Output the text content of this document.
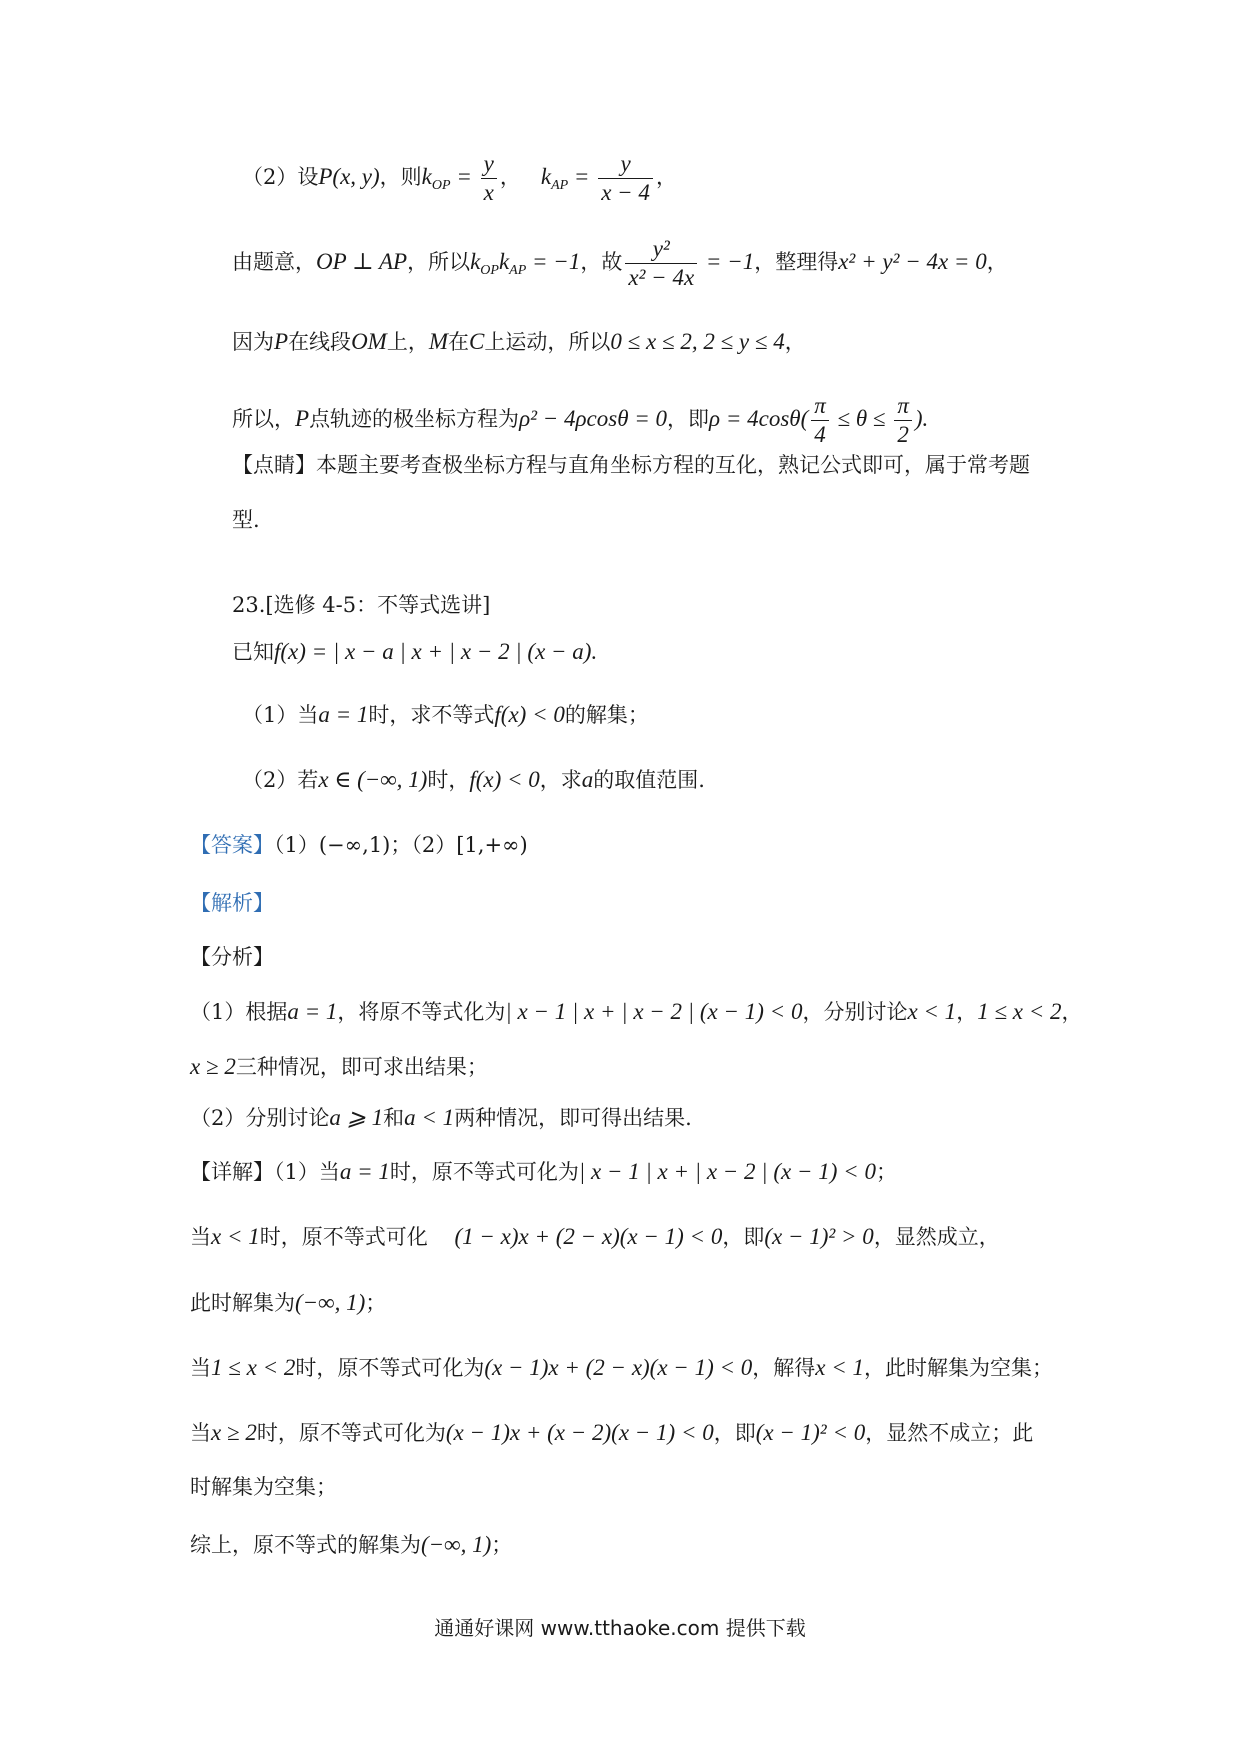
（2）设P(x, y)，则$k_{OP} = \frac{y}{x}$ ， $k_{AP} = \frac{y}{x - 4}$ ，
由题意，OP ⊥ AP，所以$k_{OP}k_{AP} = -1$，故 $\frac{\text{y²}}{\text{x² − 4x}} = -1$，整理得x² + y² − 4x = 0，
因为P在线段OM上，M在C上运动，所以0 ≤ x ≤ 2, 2 ≤ y ≤ 4，
所以，P点轨迹的极坐标方程为ρ² − 4ρcosθ = 0，即$\rho = 4\cos\theta( \frac{\pi}{4} \le \theta \le \frac{\pi}{2}$ ).
【点睛】本题主要考查极坐标方程与直角坐标方程的互化，熟记公式即可，属于常考题
型.
23.[选修 4-5：不等式选讲]
已知f(x) = | x − a | x + | x − 2 | (x − a).
（1）当a = 1时，求不等式f(x) < 0的解集；
（2）若x ∈ (−∞, 1)时，f(x) < 0，求a的取值范围.
【答案】（1）(−∞,1)；（2）[1,+∞)
【解析】
【分析】
（1）根据a = 1，将原不等式化为| x − 1 | x + | x − 2 | (x − 1) < 0，分别讨论x < 1，1 ≤ x < 2，
x ≥ 2三种情况，即可求出结果；
（2）分别讨论a ⩾ 1和a < 1两种情况，即可得出结果.
【详解】（1）当a = 1时，原不等式可化为| x − 1 | x + | x − 2 | (x − 1) < 0；
当x < 1时，原不等式可化 (1 − x)x + (2 − x)(x − 1) < 0，即(x − 1)² > 0，显然成立，
此时解集为(−∞, 1)；
当1 ≤ x < 2时，原不等式可化为(x − 1)x + (2 − x)(x − 1) < 0，解得x < 1，此时解集为空集；
当x ≥ 2时，原不等式可化为(x − 1)x + (x − 2)(x − 1) < 0，即(x − 1)² < 0，显然不成立；此
时解集为空集；
综上，原不等式的解集为(−∞, 1)；
通通好课网 www.tthaoke.com 提供下载
